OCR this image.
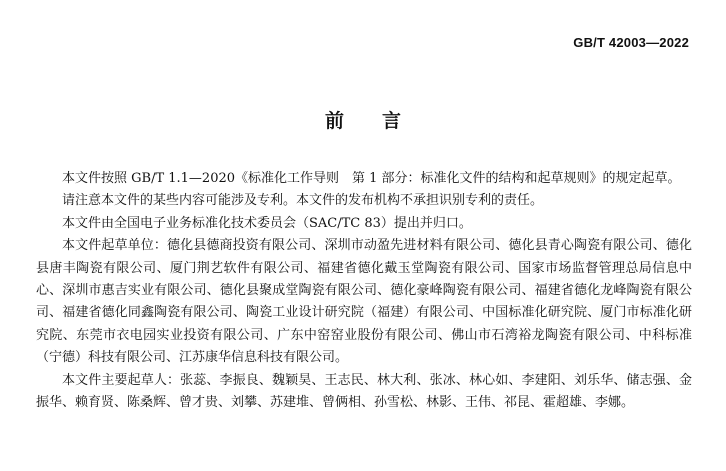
GB/T 42003—2022
前言

本文件按照 GB/T 1.1—2020《标准化工作导则　第 1 部分：标准化文件的结构和起草规则》的规定起草。

请注意本文件的某些内容可能涉及专利。本文件的发布机构不承担识别专利的责任。

本文件由全国电子业务标准化技术委员会（SAC/TC 83）提出并归口。

本文件起草单位：德化县德商投资有限公司、深圳市动盈先进材料有限公司、德化县青心陶瓷有限公司、德化县唐丰陶瓷有限公司、厦门荆艺软件有限公司、福建省德化戴玉堂陶瓷有限公司、国家市场监督管理总局信息中心、深圳市惠吉实业有限公司、德化县聚成堂陶瓷有限公司、德化豪峰陶瓷有限公司、福建省德化龙峰陶瓷有限公司、福建省德化同鑫陶瓷有限公司、陶瓷工业设计研究院（福建）有限公司、中国标准化研究院、厦门市标准化研究院、东莞市衣电园实业投资有限公司、广东中窑窑业股份有限公司、佛山市石湾裕龙陶瓷有限公司、中科标准（宁德）科技有限公司、江苏康华信息科技有限公司。

本文件主要起草人：张蕊、李振良、魏颖昊、王志民、林大利、张冰、林心如、李建阳、刘乐华、储志强、金振华、赖育贤、陈桑辉、曾才贵、刘攀、苏建堆、曾俩相、孙雪松、林影、王伟、祁昆、霍超雄、李娜。
